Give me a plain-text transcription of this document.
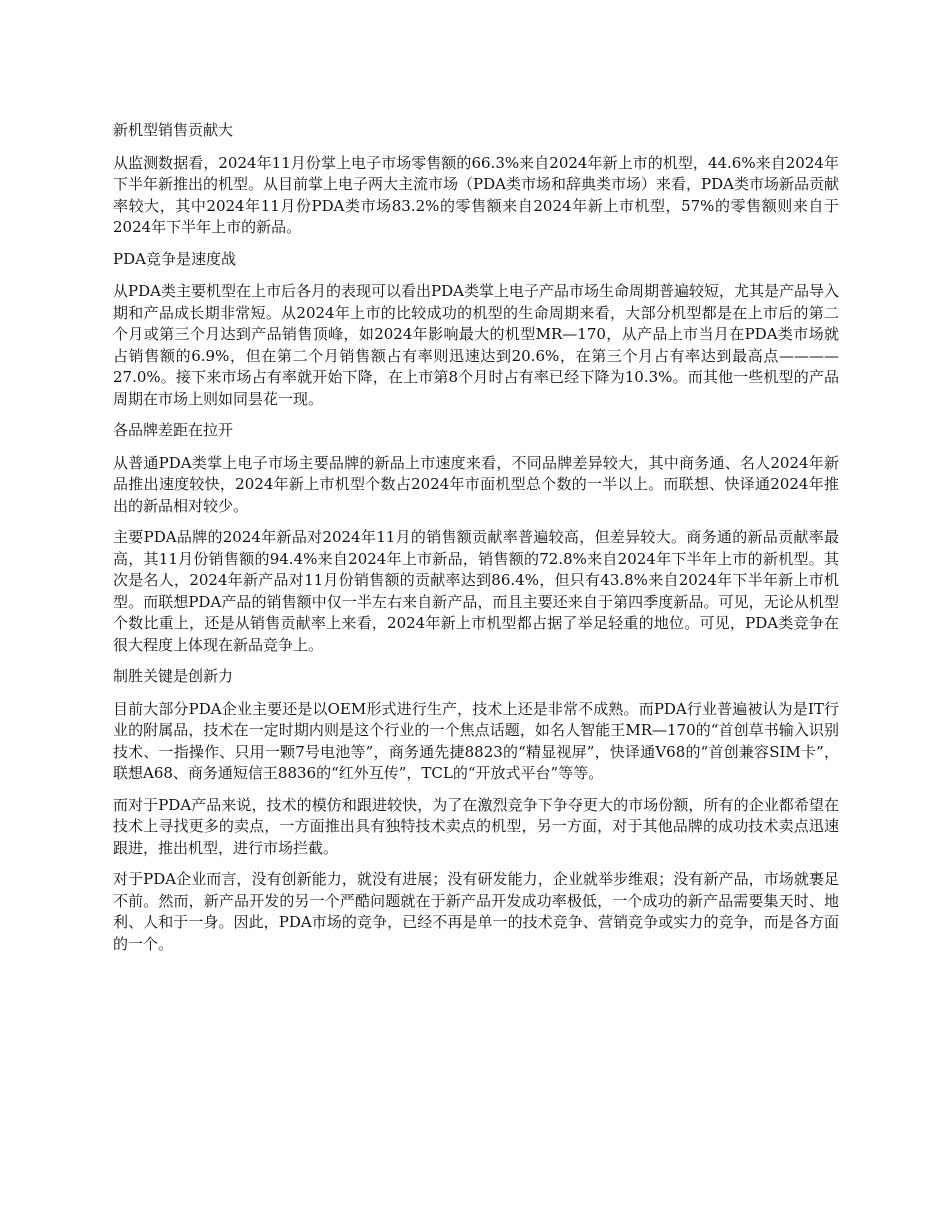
新机型销售贡献大

从监测数据看，2024年11月份掌上电子市场零售额的66.3%来自2024年新上市的机型，44.6%来自2024年下半年新推出的机型。从目前掌上电子两大主流市场（PDA类市场和辞典类市场）来看，PDA类市场新品贡献率较大，其中2024年11月份PDA类市场83.2%的零售额来自2024年新上市机型，57%的零售额则来自于2024年下半年上市的新品。

PDA竞争是速度战

从PDA类主要机型在上市后各月的表现可以看出PDA类掌上电子产品市场生命周期普遍较短，尤其是产品导入期和产品成长期非常短。从2024年上市的比较成功的机型的生命周期来看，大部分机型都是在上市后的第二个月或第三个月达到产品销售顶峰，如2024年影响最大的机型MR—170，从产品上市当月在PDA类市场就占销售额的6.9%，但在第二个月销售额占有率则迅速达到20.6%，在第三个月占有率达到最高点————27.0%。接下来市场占有率就开始下降，在上市第8个月时占有率已经下降为10.3%。而其他一些机型的产品周期在市场上则如同昙花一现。

各品牌差距在拉开

从普通PDA类掌上电子市场主要品牌的新品上市速度来看，不同品牌差异较大，其中商务通、名人2024年新品推出速度较快，2024年新上市机型个数占2024年市面机型总个数的一半以上。而联想、快译通2024年推出的新品相对较少。

主要PDA品牌的2024年新品对2024年11月的销售额贡献率普遍较高，但差异较大。商务通的新品贡献率最高，其11月份销售额的94.4%来自2024年上市新品，销售额的72.8%来自2024年下半年上市的新机型。其次是名人，2024年新产品对11月份销售额的贡献率达到86.4%，但只有43.8%来自2024年下半年新上市机型。而联想PDA产品的销售额中仅一半左右来自新产品，而且主要还来自于第四季度新品。可见，无论从机型个数比重上，还是从销售贡献率上来看，2024年新上市机型都占据了举足轻重的地位。可见，PDA类竞争在很大程度上体现在新品竞争上。

制胜关键是创新力

目前大部分PDA企业主要还是以OEM形式进行生产，技术上还是非常不成熟。而PDA行业普遍被认为是IT行业的附属品，技术在一定时期内则是这个行业的一个焦点话题，如名人智能王MR—170的“首创草书输入识别技术、一指操作、只用一颗7号电池等”，商务通先捷8823的“精显视屏”，快译通V68的“首创兼容SIM卡”，联想A68、商务通短信王8836的“红外互传”，TCL的“开放式平台”等等。

而对于PDA产品来说，技术的模仿和跟进较快，为了在激烈竞争下争夺更大的市场份额，所有的企业都希望在技术上寻找更多的卖点，一方面推出具有独特技术卖点的机型，另一方面，对于其他品牌的成功技术卖点迅速跟进，推出机型，进行市场拦截。

对于PDA企业而言，没有创新能力，就没有进展；没有研发能力，企业就举步维艰；没有新产品，市场就裹足不前。然而，新产品开发的另一个严酷问题就在于新产品开发成功率极低，一个成功的新产品需要集天时、地利、人和于一身。因此，PDA市场的竞争，已经不再是单一的技术竞争、营销竞争或实力的竞争，而是各方面的一个。
